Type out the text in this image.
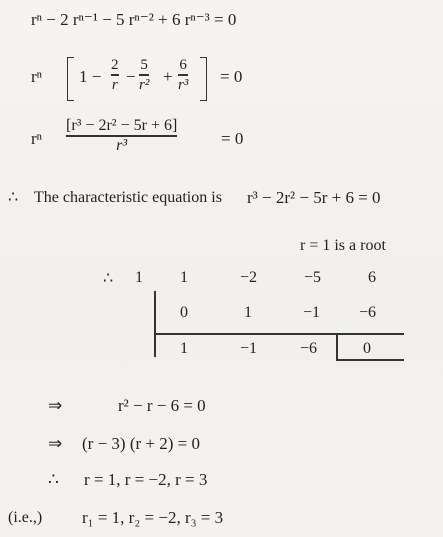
rⁿ − 2 rⁿ⁻¹ − 5 rⁿ⁻² + 6 rⁿ⁻³ = 0
rⁿ 1 −
2
r −
5
r² +
6
r³ = 0
rⁿ
[r³ − 2r² − 5r + 6]
r³	= 0
∴ The characteristic equation is r³ − 2r² − 5r + 6 = 0
r = 1 is a root
∴ 1 1	−2	−5	6
0	1	−1 −6
1	−1	−6	0
⇒	r² − r − 6 = 0
⇒ (r − 3) (r + 2) = 0
∴ r = 1, r = −2, r = 3
(i.e.,) r₁ = 1, r₂ = −2, r₃ = 3
